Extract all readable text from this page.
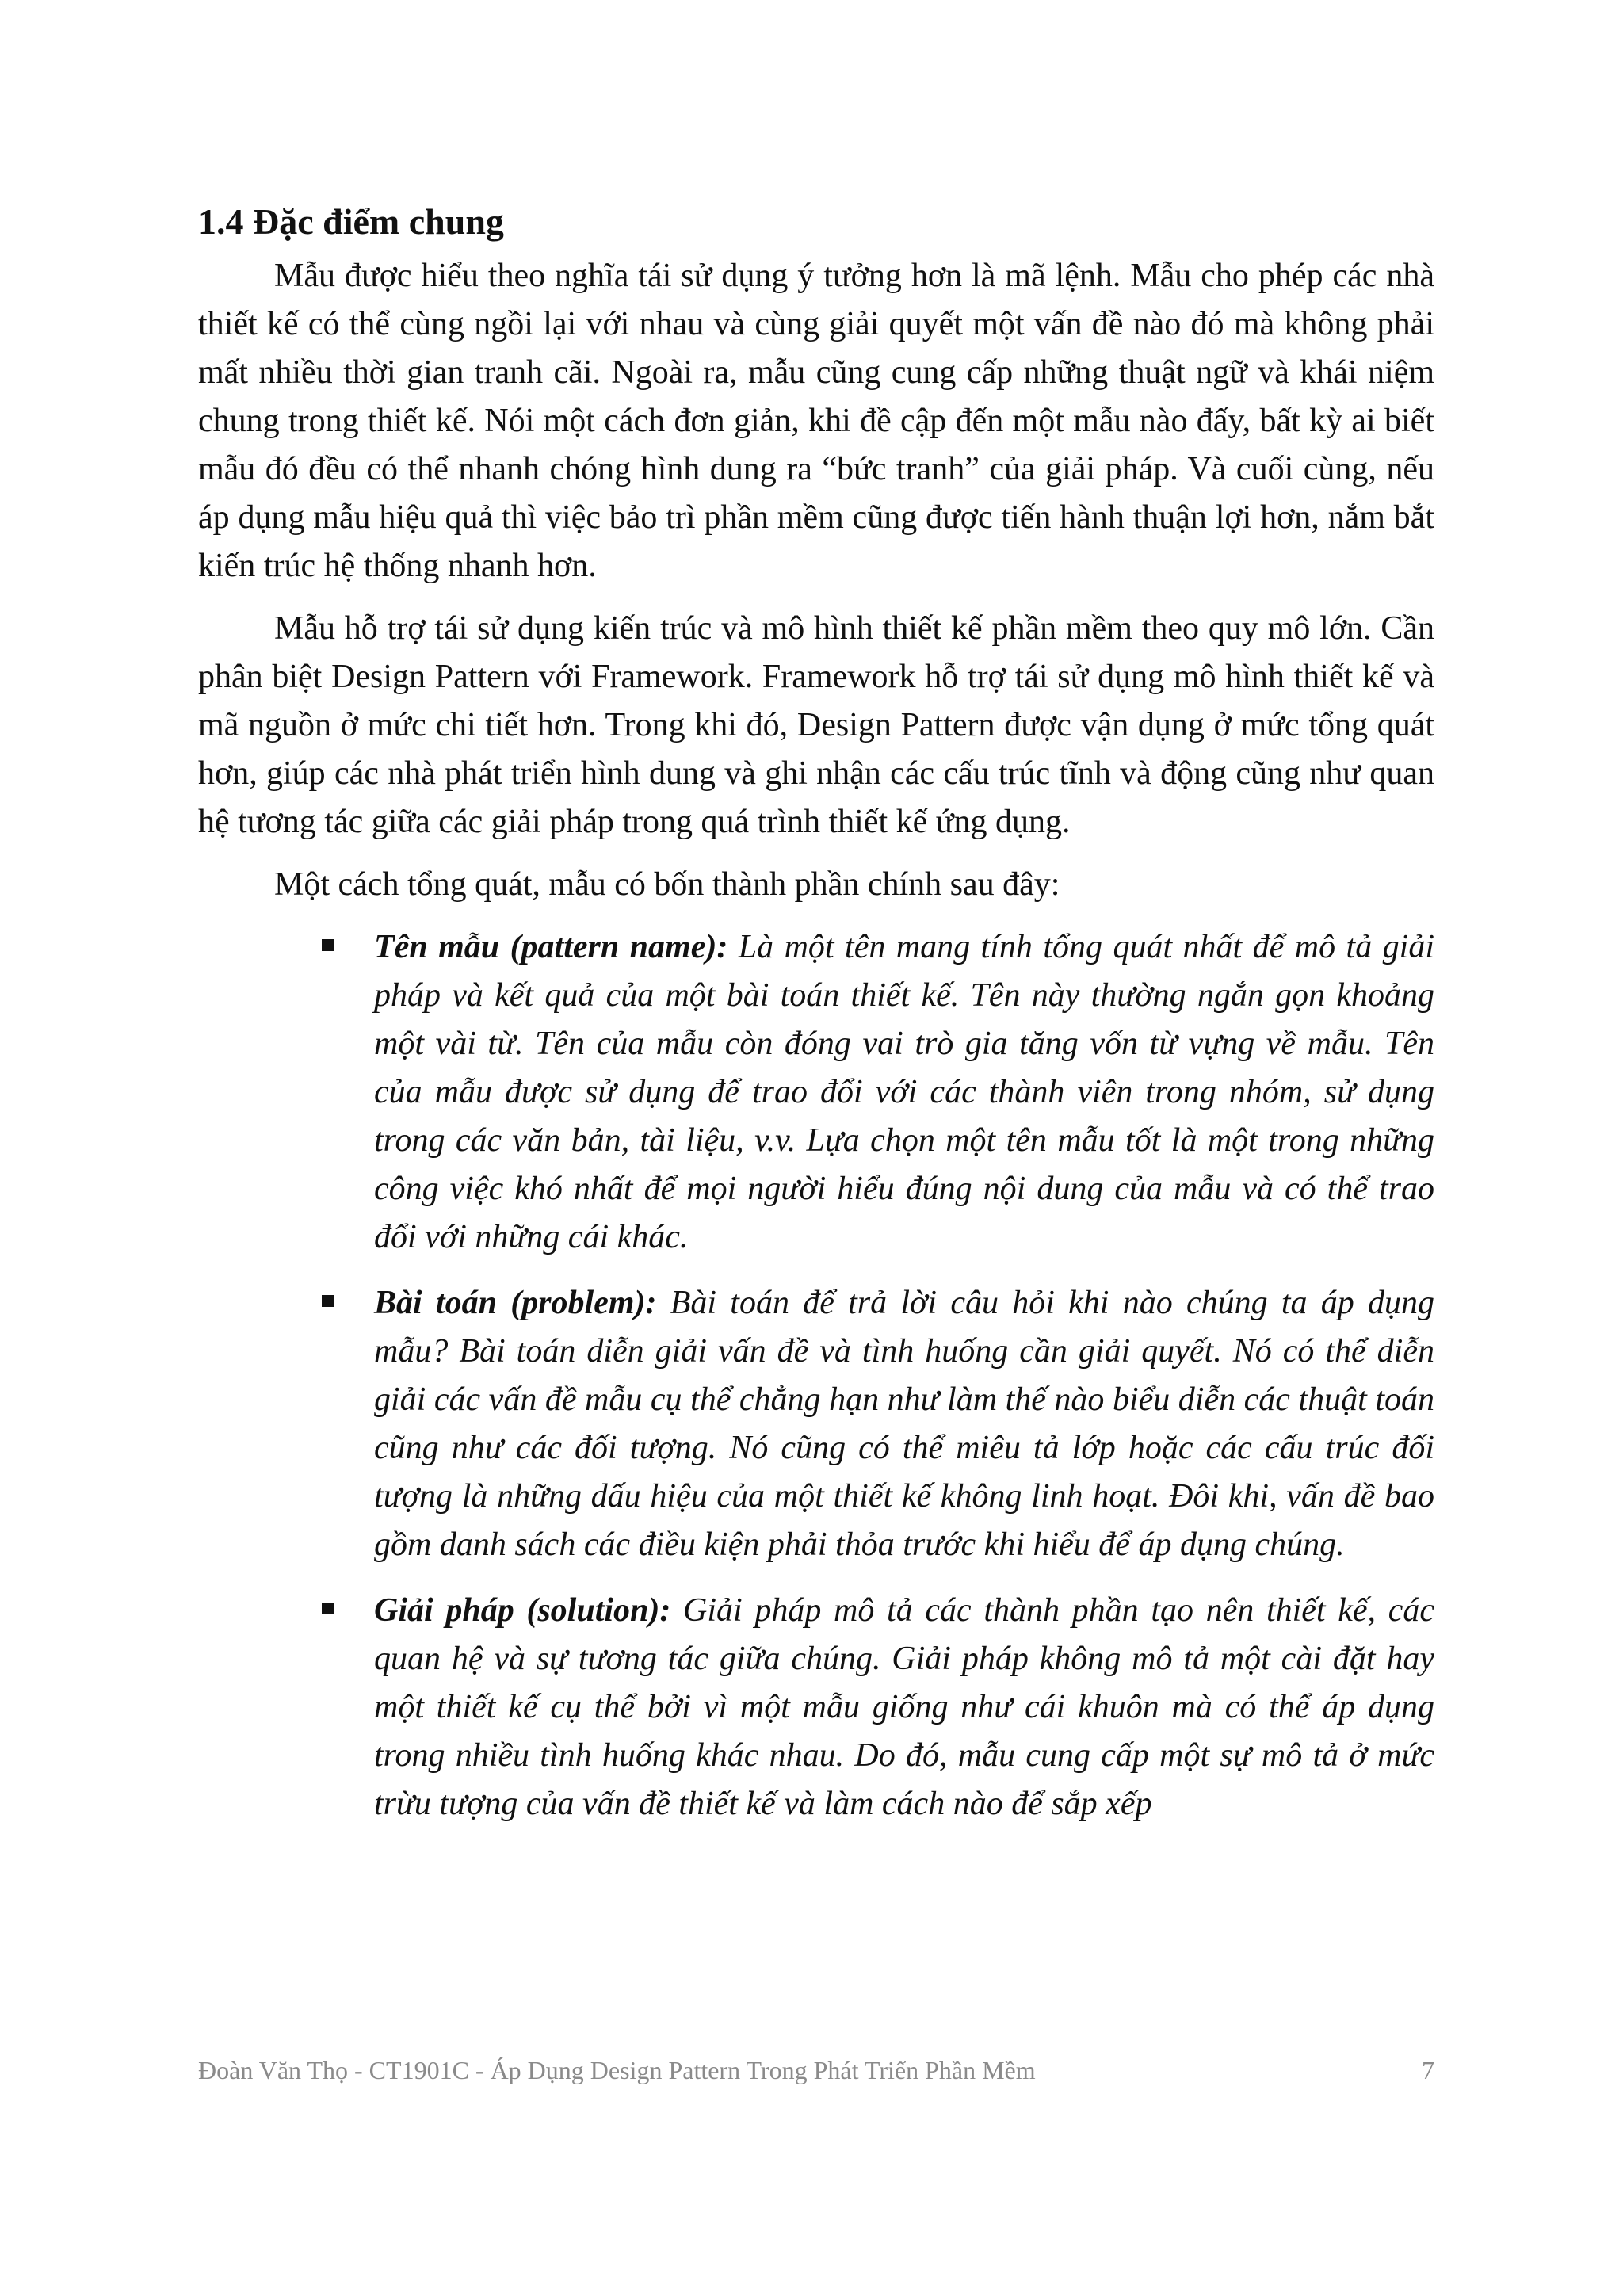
1.4 Đặc điểm chung

Mẫu được hiểu theo nghĩa tái sử dụng ý tưởng hơn là mã lệnh. Mẫu cho phép các nhà thiết kế có thể cùng ngồi lại với nhau và cùng giải quyết một vấn đề nào đó mà không phải mất nhiều thời gian tranh cãi. Ngoài ra, mẫu cũng cung cấp những thuật ngữ và khái niệm chung trong thiết kế. Nói một cách đơn giản, khi đề cập đến một mẫu nào đấy, bất kỳ ai biết mẫu đó đều có thể nhanh chóng hình dung ra “bức tranh” của giải pháp. Và cuối cùng, nếu áp dụng mẫu hiệu quả thì việc bảo trì phần mềm cũng được tiến hành thuận lợi hơn, nắm bắt kiến trúc hệ thống nhanh hơn.

Mẫu hỗ trợ tái sử dụng kiến trúc và mô hình thiết kế phần mềm theo quy mô lớn. Cần phân biệt Design Pattern với Framework. Framework hỗ trợ tái sử dụng mô hình thiết kế và mã nguồn ở mức chi tiết hơn. Trong khi đó, Design Pattern được vận dụng ở mức tổng quát hơn, giúp các nhà phát triển hình dung và ghi nhận các cấu trúc tĩnh và động cũng như quan hệ tương tác giữa các giải pháp trong quá trình thiết kế ứng dụng.

Một cách tổng quát, mẫu có bốn thành phần chính sau đây:

Tên mẫu (pattern name): Là một tên mang tính tổng quát nhất để mô tả giải pháp và kết quả của một bài toán thiết kế. Tên này thường ngắn gọn khoảng một vài từ. Tên của mẫu còn đóng vai trò gia tăng vốn từ vựng về mẫu. Tên của mẫu được sử dụng để trao đổi với các thành viên trong nhóm, sử dụng trong các văn bản, tài liệu, v.v. Lựa chọn một tên mẫu tốt là một trong những công việc khó nhất để mọi người hiểu đúng nội dung của mẫu và có thể trao đổi với những cái khác.
Bài toán (problem): Bài toán để trả lời câu hỏi khi nào chúng ta áp dụng mẫu? Bài toán diễn giải vấn đề và tình huống cần giải quyết. Nó có thể diễn giải các vấn đề mẫu cụ thể chẳng hạn như làm thế nào biểu diễn các thuật toán cũng như các đối tượng. Nó cũng có thể miêu tả lớp hoặc các cấu trúc đối tượng là những dấu hiệu của một thiết kế không linh hoạt. Đôi khi, vấn đề bao gồm danh sách các điều kiện phải thỏa trước khi hiểu để áp dụng chúng.
Giải pháp (solution): Giải pháp mô tả các thành phần tạo nên thiết kế, các quan hệ và sự tương tác giữa chúng. Giải pháp không mô tả một cài đặt hay một thiết kế cụ thể bởi vì một mẫu giống như cái khuôn mà có thể áp dụng trong nhiều tình huống khác nhau. Do đó, mẫu cung cấp một sự mô tả ở mức trừu tượng của vấn đề thiết kế và làm cách nào để sắp xếp
Đoàn Văn Thọ - CT1901C - Áp Dụng Design Pattern Trong Phát Triển Phần Mềm	7
